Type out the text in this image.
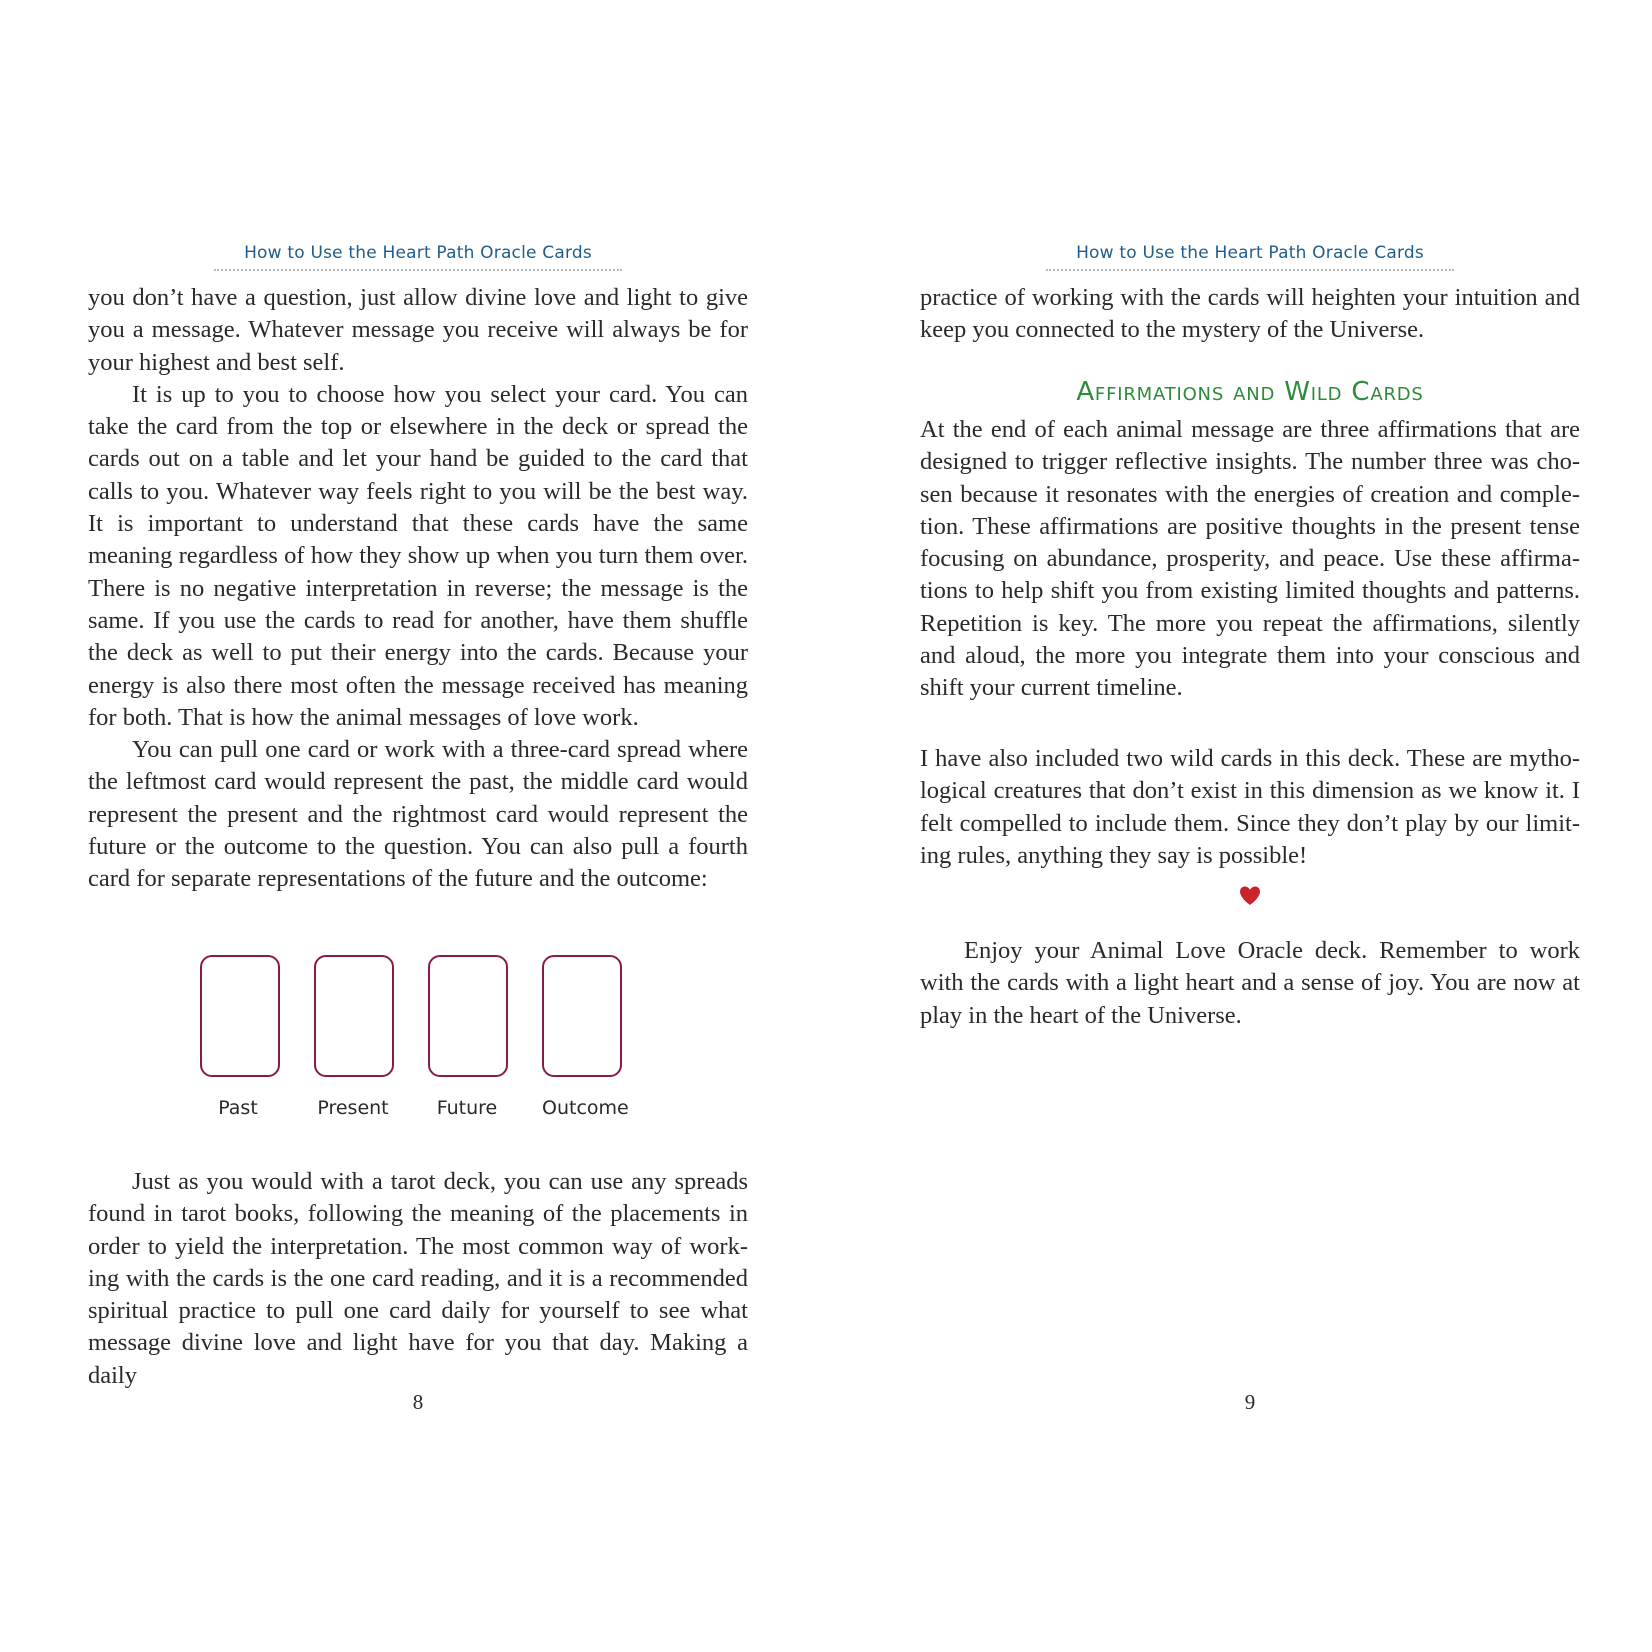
How to Use the Heart Path Oracle Cards

you don’t have a question, just allow divine love and light to give you a message. Whatever message you receive will always be for your highest and best self.

It is up to you to choose how you select your card. You can take the card from the top or elsewhere in the deck or spread the cards out on a table and let your hand be guided to the card that calls to you. Whatever way feels right to you will be the best way. It is important to understand that these cards have the same meaning regardless of how they show up when you turn them over. There is no negative interpretation in reverse; the message is the same. If you use the cards to read for another, have them shuffle the deck as well to put their energy into the cards. Because your energy is also there most often the message received has meaning for both. That is how the animal messages of love work.

You can pull one card or work with a three-card spread where the leftmost card would represent the past, the middle card would represent the present and the rightmost card would represent the future or the outcome to the question. You can also pull a fourth card for separate representations of the future and the outcome:

Past	Present	Future	Outcome

Just as you would with a tarot deck, you can use any spreads found in tarot books, following the meaning of the placements in order to yield the interpretation. The most common way of working with the cards is the one card reading, and it is a recommended spiritual practice to pull one card daily for yourself to see what message divine love and light have for you that day. Making a daily

8
How to Use the Heart Path Oracle Cards

practice of working with the cards will heighten your intuition and keep you connected to the mystery of the Universe.

Affirmations and Wild Cards

At the end of each animal message are three affirmations that are designed to trigger reflective insights. The number three was chosen because it resonates with the energies of creation and completion. These affirmations are positive thoughts in the present tense focusing on abundance, prosperity, and peace. Use these affirmations to help shift you from existing limited thoughts and patterns. Repetition is key. The more you repeat the affirmations, silently and aloud, the more you integrate them into your conscious and shift your current timeline.

I have also included two wild cards in this deck. These are mythological creatures that don’t exist in this dimension as we know it. I felt compelled to include them. Since they don’t play by our limiting rules, anything they say is possible!

Enjoy your Animal Love Oracle deck. Remember to work with the cards with a light heart and a sense of joy. You are now at play in the heart of the Universe.

9
